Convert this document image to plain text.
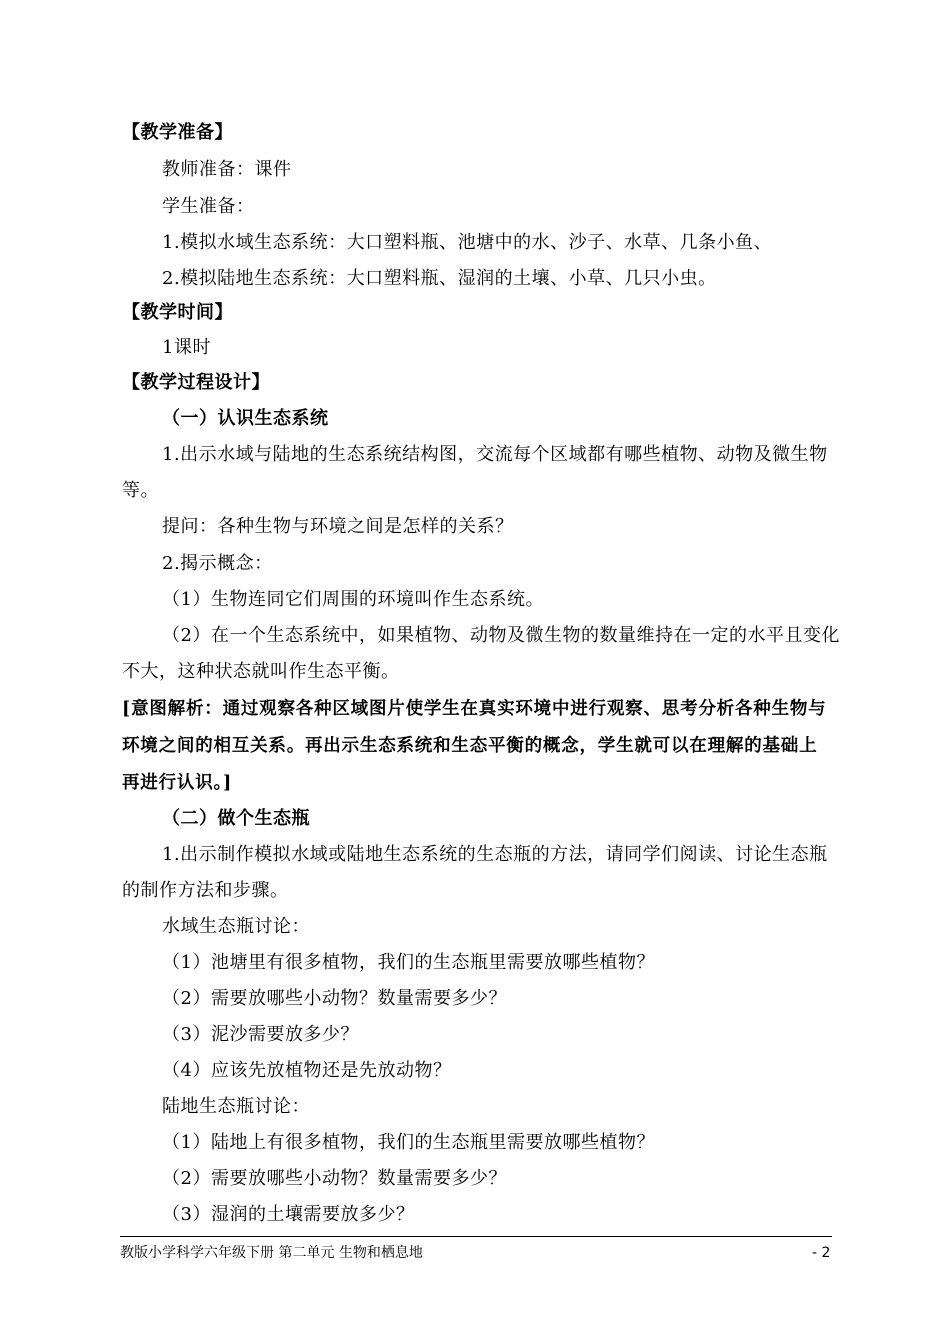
【教学准备】
教师准备：课件
学生准备：
1.模拟水域生态系统：大口塑料瓶、池塘中的水、沙子、水草、几条小鱼、
2.模拟陆地生态系统：大口塑料瓶、湿润的土壤、小草、几只小虫。
【教学时间】
1课时
【教学过程设计】
（一）认识生态系统
1.出示水域与陆地的生态系统结构图，交流每个区域都有哪些植物、动物及微生物
等。
提问：各种生物与环境之间是怎样的关系？
2.揭示概念：
（1）生物连同它们周围的环境叫作生态系统。
（2）在一个生态系统中，如果植物、动物及微生物的数量维持在一定的水平且变化
不大，这种状态就叫作生态平衡。
[意图解析：通过观察各种区域图片使学生在真实环境中进行观察、思考分析各种生物与
环境之间的相互关系。再出示生态系统和生态平衡的概念，学生就可以在理解的基础上
再进行认识。]
（二）做个生态瓶
1.出示制作模拟水域或陆地生态系统的生态瓶的方法，请同学们阅读、讨论生态瓶
的制作方法和步骤。
水域生态瓶讨论：
（1）池塘里有很多植物，我们的生态瓶里需要放哪些植物？
（2）需要放哪些小动物？数量需要多少？
（3）泥沙需要放多少？
（4）应该先放植物还是先放动物？
陆地生态瓶讨论：
（1）陆地上有很多植物，我们的生态瓶里需要放哪些植物？
（2）需要放哪些小动物？数量需要多少？
（3）湿润的土壤需要放多少？
教版小学科学六年级下册 第二单元 生物和栖息地	- 2
